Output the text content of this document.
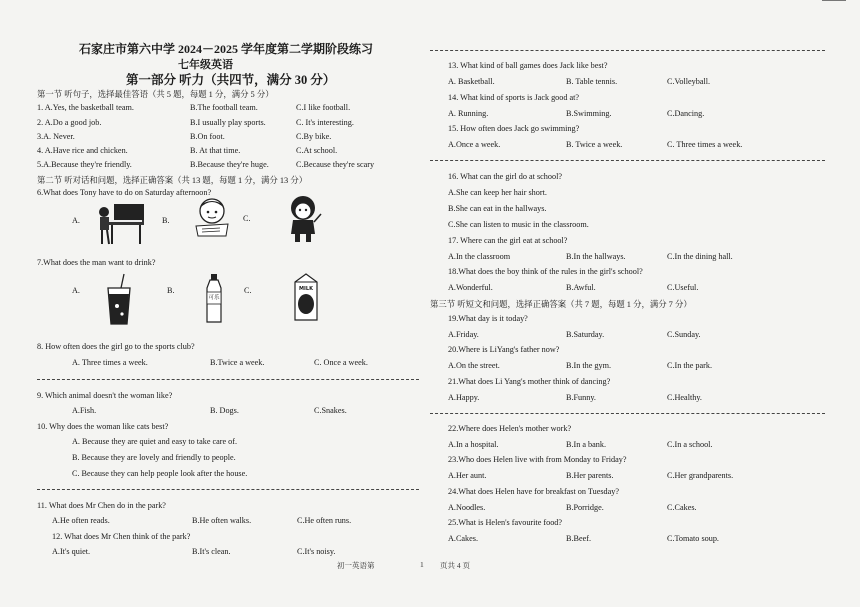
石家庄市第六中学 2024－2025 学年度第二学期阶段练习
七年级英语
第一部分 听力（共四节，满分 30 分）
第一节 听句子，选择最佳答语（共 5 题，每题 1 分，满分 5 分）
1. A.Yes, the basketball team.	B.The football team.	C.I like football.
2. A.Do a good job.	B.I usually play sports.	C. It's interesting.
3.A. Never.	B.On foot.	C.By bike.
4. A.Have rice and chicken.	B. At that time.	C.At school.
5.A.Because they're friendly.	B.Because they're huge.	C.Because they're scary
第二节 听对话和问题，选择正确答案（共 13 题，每题 1 分，满分 13 分）
6.What does Tony have to do on Saturday afternoon?
A.	B.	C.
7.What does the man want to drink?
A.	B.	C.
可乐
MILK
8. How often does the girl go to the sports club?
A. Three times a week.	B.Twice a week.	C. Once a week.
9. Which animal doesn't the woman like?
A.Fish.	B. Dogs.	C.Snakes.
10. Why does the woman like cats best?
A. Because they are quiet and easy to take care of.
B. Because they are lovely and friendly to people.
C. Because they can help people look after the house.
11. What does Mr Chen do in the park?
A.He often reads.	B.He often walks.	C.He often runs.
12. What does Mr Chen think of the park?
A.It's quiet.	B.It's clean.	C.It's noisy.
13. What kind of ball games does Jack like best?
A. Basketball.	B. Table tennis.	C.Volleyball.
14. What kind of sports is Jack good at?
A. Running.	B.Swimming.	C.Dancing.
15. How often does Jack go swimming?
A.Once a week.	B. Twice a week.	C. Three times a week.
16. What can the girl do at school?
A.She can keep her hair short.
B.She can eat in the hallways.
C.She can listen to music in the classroom.
17. Where can the girl eat at school?
A.In the classroom	B.In the hallways.	C.In the dining hall.
18.What does the boy think of the rules in the girl's school?
A.Wonderful.	B.Awful.	C.Useful.
第三节 听短文和问题，选择正确答案（共 7 题，每题 1 分，满分 7 分）
19.What day is it today?
A.Friday.	B.Saturday.	C.Sunday.
20.Where is LiYang's father now?
A.On the street.	B.In the gym.	C.In the park.
21.What does Li Yang's mother think of dancing?
A.Happy.	B.Funny.	C.Healthy.
22.Where does Helen's mother work?
A.In a hospital.	B.In a bank.	C.In a school.
23.Who does Helen live with from Monday to Friday?
A.Her aunt.	B.Her parents.	C.Her grandparents.
24.What does Helen have for breakfast on Tuesday?
A.Noodles.	B.Porridge.	C.Cakes.
25.What is Helen's favourite food?
A.Cakes.	B.Beef.	C.Tomato soup.
初一英语第	1 页共 4 页
